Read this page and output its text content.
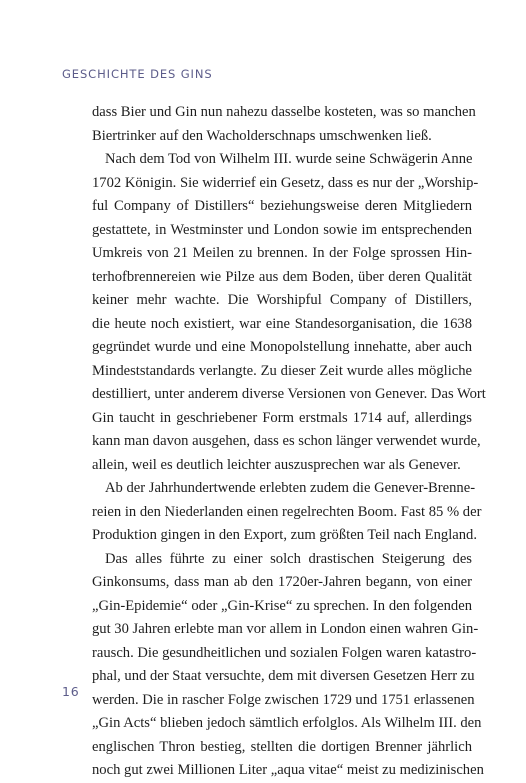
GESCHICHTE DES GINS
dass Bier und Gin nun nahezu dasselbe kosteten, was so manchen
Biertrinker auf den Wacholderschnaps umschwenken ließ.
Nach dem Tod von Wilhelm III. wurde seine Schwägerin Anne
1702 Königin. Sie widerrief ein Gesetz, dass es nur der „Worship-
ful Company of Distillers“ beziehungsweise deren Mitgliedern
gestattete, in Westminster und London sowie im entsprechenden
Umkreis von 21 Meilen zu brennen. In der Folge sprossen Hin-
terhofbrennereien wie Pilze aus dem Boden, über deren Qualität
keiner mehr wachte. Die Worshipful Company of Distillers,
die heute noch existiert, war eine Standesorganisation, die 1638
gegründet wurde und eine Monopolstellung innehatte, aber auch
Mindeststandards verlangte. Zu dieser Zeit wurde alles mögliche
destilliert, unter anderem diverse Versionen von Genever. Das Wort
Gin taucht in geschriebener Form erstmals 1714 auf, allerdings
kann man davon ausgehen, dass es schon länger verwendet wurde,
allein, weil es deutlich leichter auszusprechen war als Genever.
Ab der Jahrhundertwende erlebten zudem die Genever-Brenne-
reien in den Niederlanden einen regelrechten Boom. Fast 85 % der
Produktion gingen in den Export, zum größten Teil nach England.
Das alles führte zu einer solch drastischen Steigerung des
Ginkonsums, dass man ab den 1720er-Jahren begann, von einer
„Gin-Epidemie“ oder „Gin-Krise“ zu sprechen. In den folgenden
gut 30 Jahren erlebte man vor allem in London einen wahren Gin-
rausch. Die gesundheitlichen und sozialen Folgen waren katastro-
phal, und der Staat versuchte, dem mit diversen Gesetzen Herr zu
werden. Die in rascher Folge zwischen 1729 und 1751 erlassenen
„Gin Acts“ blieben jedoch sämtlich erfolglos. Als Wilhelm III. den
englischen Thron bestieg, stellten die dortigen Brenner jährlich
noch gut zwei Millionen Liter „aqua vitae“ meist zu medizinischen
16
